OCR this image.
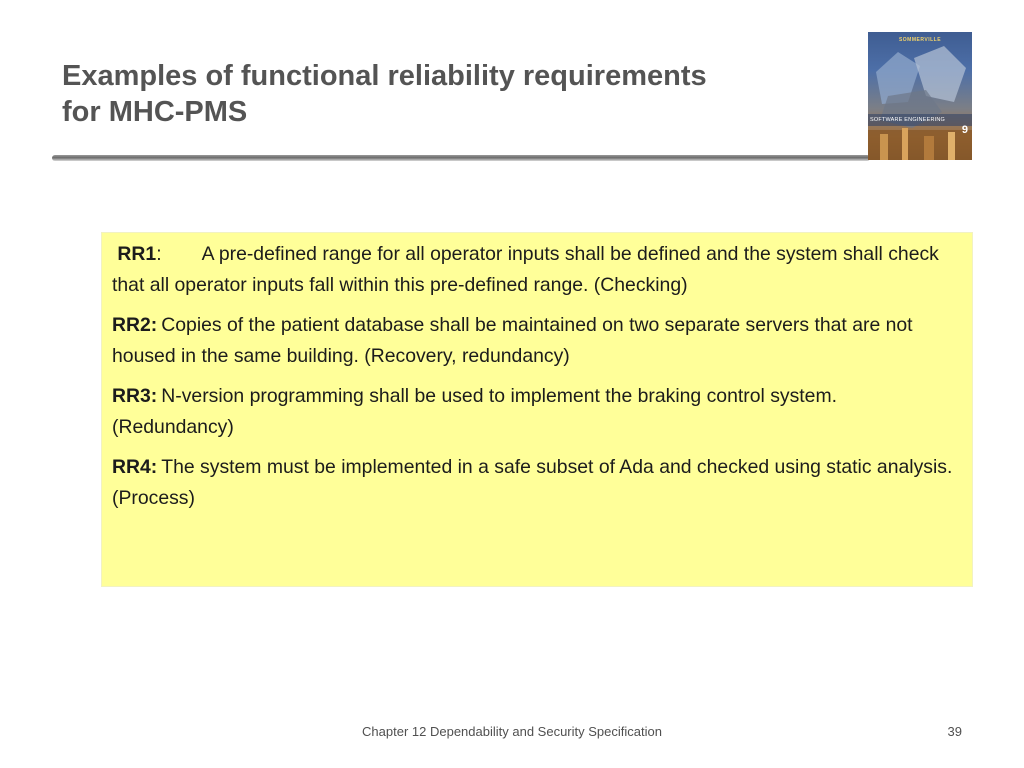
Examples of functional reliability requirements
for MHC-PMS
SOMMERVILLE
SOFTWARE ENGINEERING
9

RR1: A pre-defined range for all operator inputs shall be defined and the system shall check that all operator inputs fall within this pre-defined range. (Checking)

RR2: Copies of the patient database shall be maintained on two separate servers that are not housed in the same building. (Recovery, redundancy)

RR3: N-version programming shall be used to implement the braking control system. (Redundancy)

RR4: The system must be implemented in a safe subset of Ada and checked using static analysis. (Process)

Chapter 12 Dependability and Security Specification	39
